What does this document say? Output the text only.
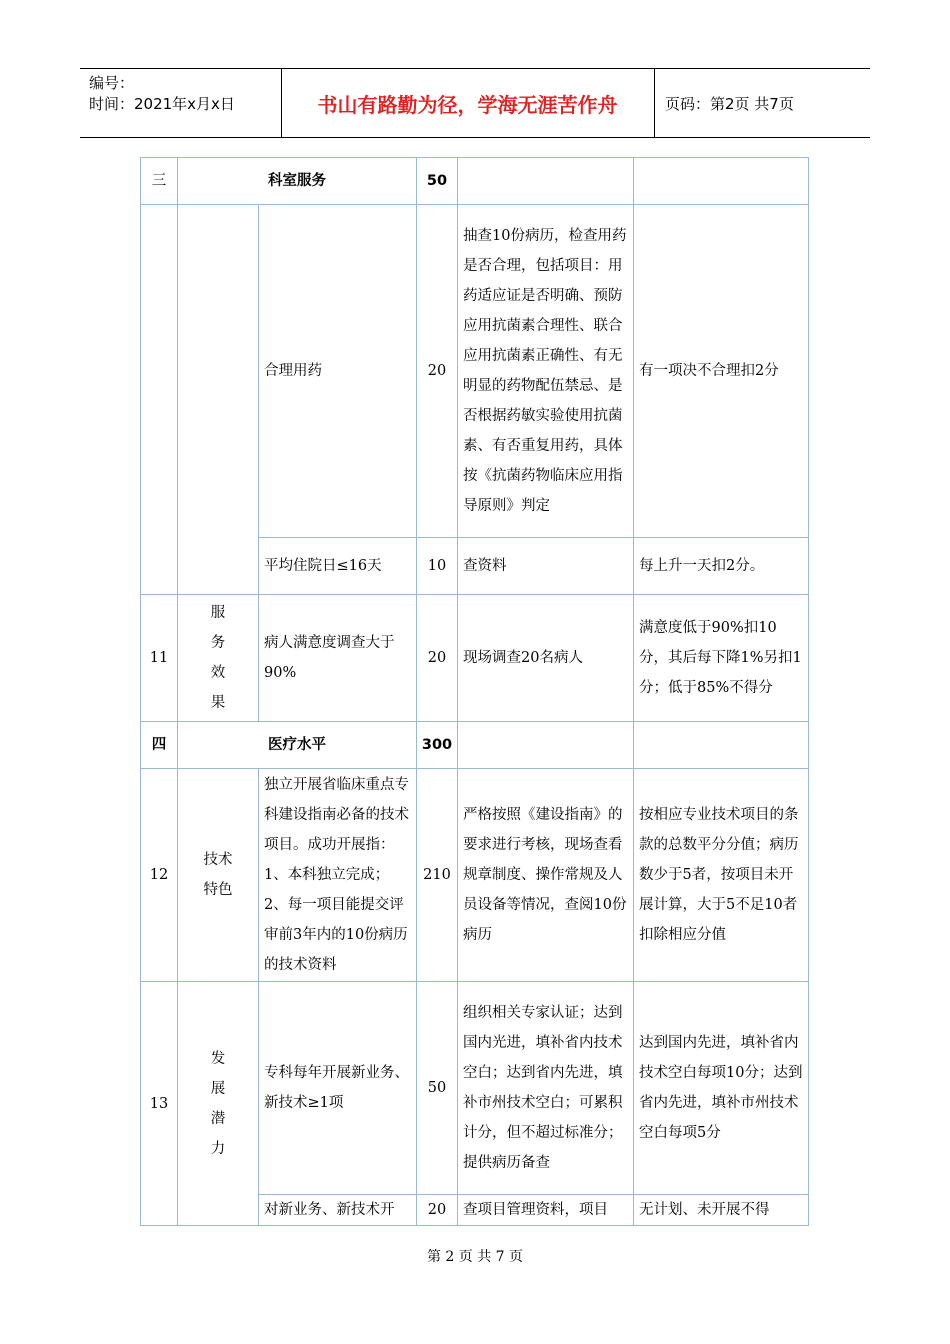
编号：
时间：2021年x月x日	书山有路勤为径，学海无涯苦作舟	页码：第2页 共7页
三	科室服务		50		
		合理用药	20	抽查10份病历，检查用药是否合理，包括项目：用药适应证是否明确、预防应用抗菌素合理性、联合应用抗菌素正确性、有无明显的药物配伍禁忌、是否根据药敏实验使用抗菌素、有否重复用药，具体按《抗菌药物临床应用指导原则》判定	有一项决不合理扣2分
		平均住院日≤16天	10	查资料	每上升一天扣2分。
11	服
务
效
果	病人满意度调查大于90%	20	现场调查20名病人	满意度低于90%扣10分，其后每下降1%另扣1分；低于85%不得分
四	医疗水平		300		
12	技术
特色	独立开展省临床重点专科建设指南必备的技术项目。成功开展指：1、本科独立完成；2、每一项目能提交评审前3年内的10份病历的技术资料	210	严格按照《建设指南》的要求进行考核，现场查看规章制度、操作常规及人员设备等情况，查阅10份病历	按相应专业技术项目的条款的总数平分分值；病历数少于5者，按项目未开展计算，大于5不足10者扣除相应分值
13	发
展
潜
力	专科每年开展新业务、新技术≥1项	50	组织相关专家认证；达到国内光进，填补省内技术空白；达到省内先进，填补市州技术空白；可累积计分，但不超过标准分；提供病历备查	达到国内先进，填补省内技术空白每项10分；达到省内先进，填补市州技术空白每项5分
		对新业务、新技术开	20	查项目管理资料，项目	无计划、未开展不得
第 2 页 共 7 页
